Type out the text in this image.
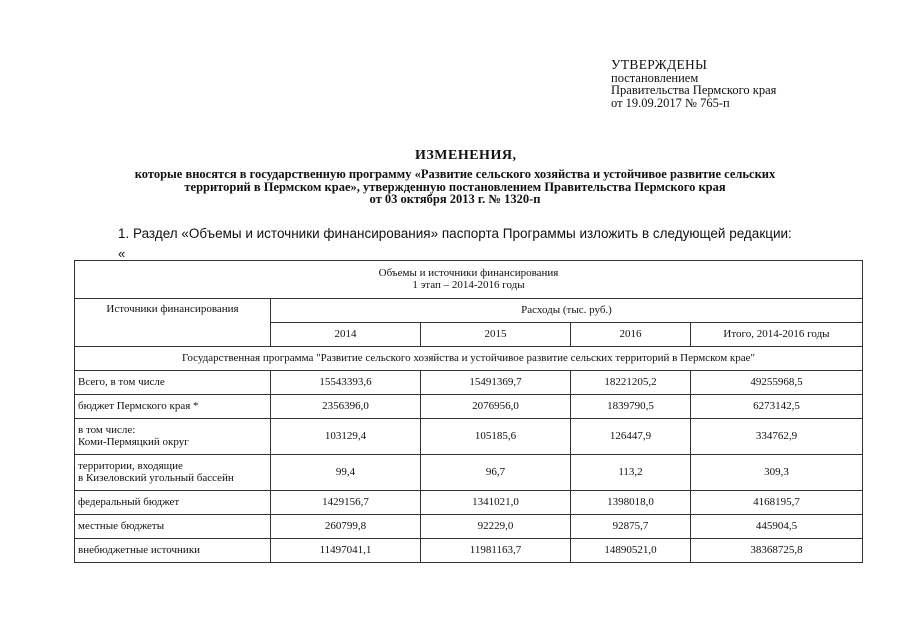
УТВЕРЖДЕНЫ
постановлением
Правительства Пермского края
от 19.09.2017 № 765-п
ИЗМЕНЕНИЯ,
которые вносятся в государственную программу «Развитие сельского хозяйства и устойчивое развитие сельских
территорий в Пермском крае», утвержденную постановлением Правительства Пермского края
от 03 октября 2013 г. № 1320-п
1. Раздел «Объемы и источники финансирования» паспорта Программы изложить в следующей редакции:
«
Объемы и источники финансирования
1 этап – 2014-2016 годы				

Источники финансирования	Расходы (тыс. руб.)			
	2014	2015	2016	Итого, 2014-2016 годы
Государственная программа "Развитие сельского хозяйства и устойчивое развитие сельских территорий в Пермском крае"				
Всего, в том числе	15543393,6	15491369,7	18221205,2	49255968,5
бюджет Пермского края *	2356396,0	2076956,0	1839790,5	6273142,5

в том числе:
Коми-Пермяцкий округ	103129,4	105185,6	126447,9	334762,9

территории, входящие
в Кизеловский угольный бассейн	99,4	96,7	113,2	309,3
федеральный бюджет	1429156,7	1341021,0	1398018,0	4168195,7
местные бюджеты	260799,8	92229,0	92875,7	445904,5
внебюджетные источники	11497041,1	11981163,7	14890521,0	38368725,8
